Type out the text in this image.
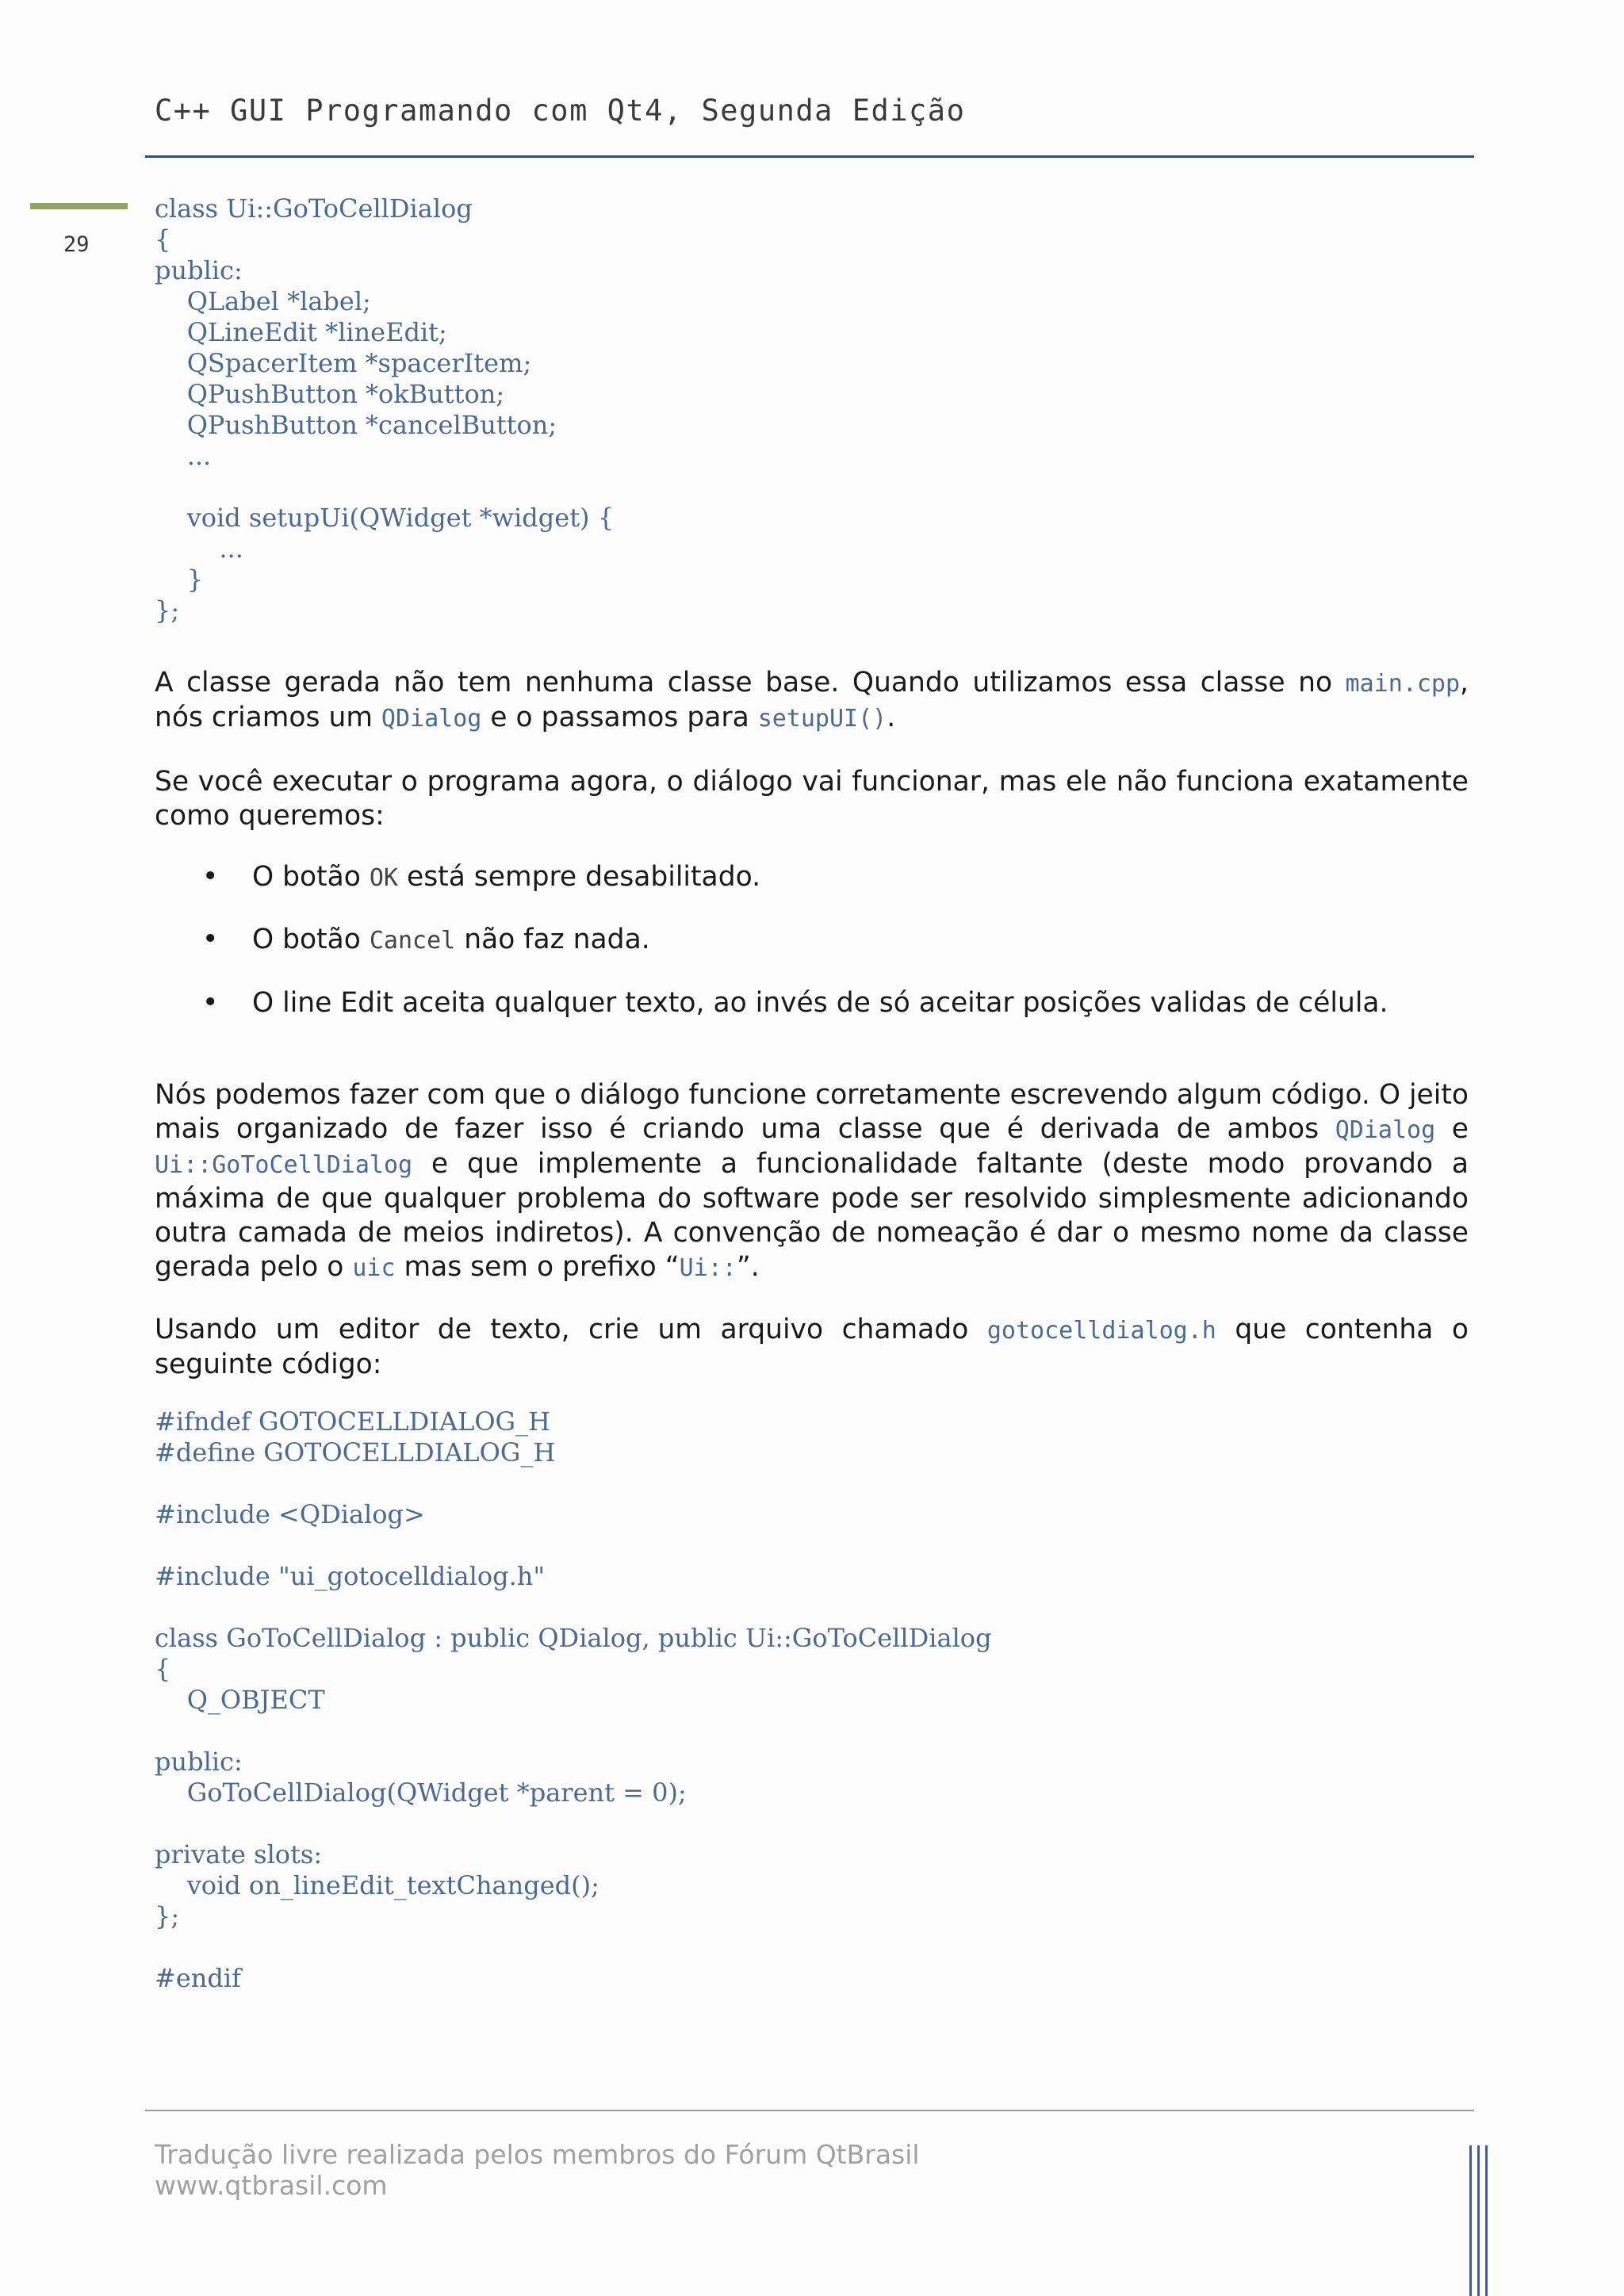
C++ GUI Programando com Qt4, Segunda Edição
29
class Ui::GoToCellDialog
{
public:
QLabel *label;
QLineEdit *lineEdit;
QSpacerItem *spacerItem;
QPushButton *okButton;
QPushButton *cancelButton;
...

void setupUi(QWidget *widget) {
...
}
};

A classe gerada não tem nenhuma classe base. Quando utilizamos essa classe no main.cpp, nós criamos um QDialog e o passamos para setupUI().

Se você executar o programa agora, o diálogo vai funcionar, mas ele não funciona exatamente como queremos:

• O botão OK está sempre desabilitado.
• O botão Cancel não faz nada.
• O line Edit aceita qualquer texto, ao invés de só aceitar posições validas de célula.

Nós podemos fazer com que o diálogo funcione corretamente escrevendo algum código. O jeito mais organizado de fazer isso é criando uma classe que é derivada de ambos QDialog e Ui::GoToCellDialog e que implemente a funcionalidade faltante (deste modo provando a máxima de que qualquer problema do software pode ser resolvido simplesmente adicionando outra camada de meios indiretos). A convenção de nomeação é dar o mesmo nome da classe gerada pelo o uic mas sem o prefixo “Ui::”.

Usando um editor de texto, crie um arquivo chamado gotocelldialog.h que contenha o seguinte código:

#ifndef GOTOCELLDIALOG_H
#define GOTOCELLDIALOG_H

#include <QDialog>

#include "ui_gotocelldialog.h"

class GoToCellDialog : public QDialog, public Ui::GoToCellDialog
{
Q_OBJECT

public:
GoToCellDialog(QWidget *parent = 0);

private slots:
void on_lineEdit_textChanged();
};

#endif
Tradução livre realizada pelos membros do Fórum QtBrasil
www.qtbrasil.com
